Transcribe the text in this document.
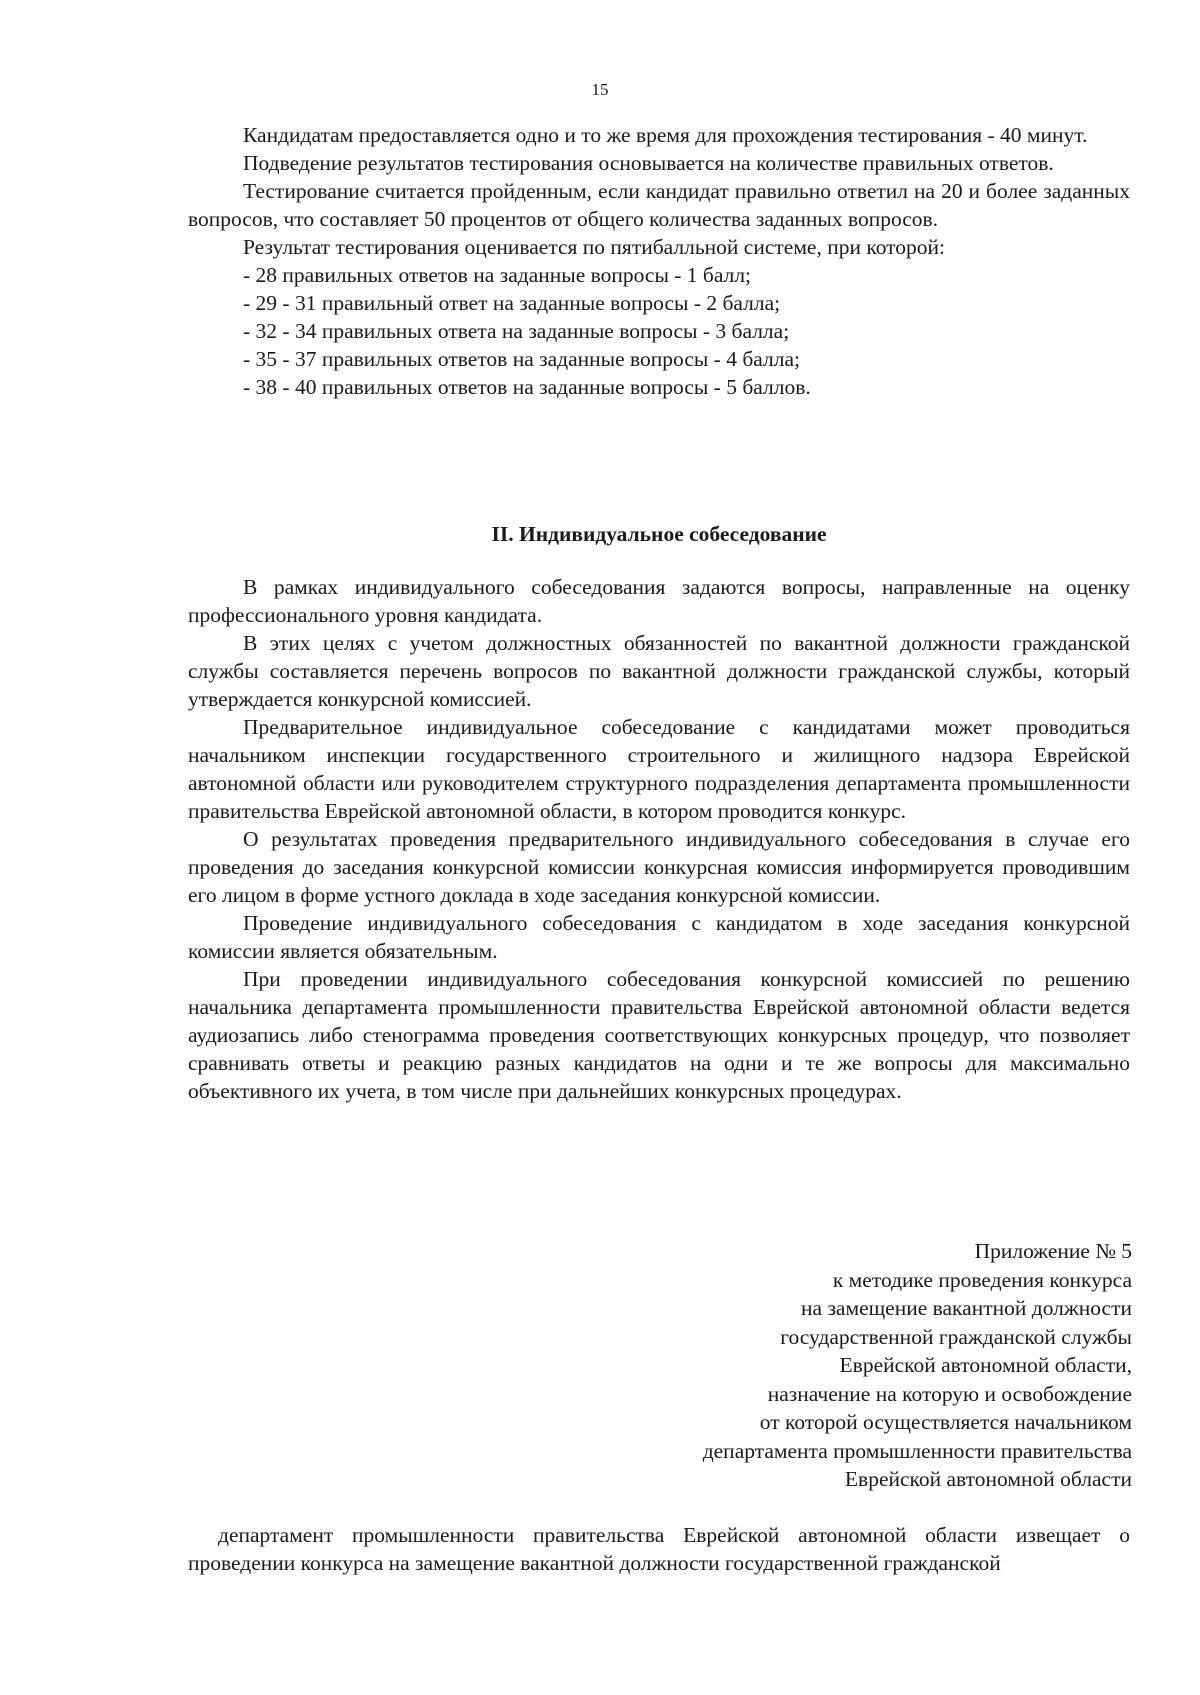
15

Кандидатам предоставляется одно и то же время для прохождения тестирования - 40 минут.

Подведение результатов тестирования основывается на количестве правильных ответов.

Тестирование считается пройденным, если кандидат правильно ответил на 20 и более заданных вопросов, что составляет 50 процентов от общего количества заданных вопросов.

Результат тестирования оценивается по пятибалльной системе, при которой:

- 28 правильных ответов на заданные вопросы - 1 балл;
- 29 - 31 правильный ответ на заданные вопросы - 2 балла;
- 32 - 34 правильных ответа на заданные вопросы - 3 балла;
- 35 - 37 правильных ответов на заданные вопросы - 4 балла;
- 38 - 40 правильных ответов на заданные вопросы - 5 баллов.
II. Индивидуальное собеседование

В рамках индивидуального собеседования задаются вопросы, направленные на оценку профессионального уровня кандидата.

В этих целях с учетом должностных обязанностей по вакантной должности гражданской службы составляется перечень вопросов по вакантной должности гражданской службы, который утверждается конкурсной комиссией.

Предварительное индивидуальное собеседование с кандидатами может проводиться начальником инспекции государственного строительного и жилищного надзора Еврейской автономной области или руководителем структурного подразделения департамента промышленности правительства Еврейской автономной области, в котором проводится конкурс.

О результатах проведения предварительного индивидуального собеседования в случае его проведения до заседания конкурсной комиссии конкурсная комиссия информируется проводившим его лицом в форме устного доклада в ходе заседания конкурсной комиссии.

Проведение индивидуального собеседования с кандидатом в ходе заседания конкурсной комиссии является обязательным.

При проведении индивидуального собеседования конкурсной комиссией по решению начальника департамента промышленности правительства Еврейской автономной области ведется аудиозапись либо стенограмма проведения соответствующих конкурсных процедур, что позволяет сравнивать ответы и реакцию разных кандидатов на одни и те же вопросы для максимально объективного их учета, в том числе при дальнейших конкурсных процедурах.

Приложение № 5
к методике проведения конкурса
на замещение вакантной должности
государственной гражданской службы
Еврейской автономной области,
назначение на которую и освобождение
от которой осуществляется начальником
департамента промышленности правительства
Еврейской автономной области

департамент промышленности правительства Еврейской автономной области извещает о проведении конкурса на замещение вакантной должности государственной гражданской
